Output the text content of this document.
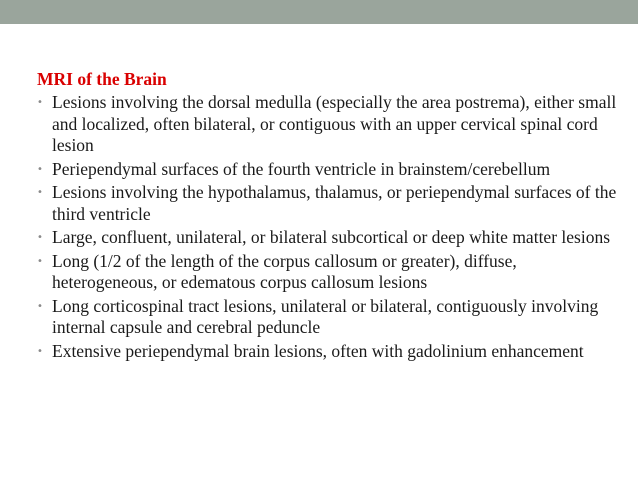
MRI of the Brain
• Lesions involving the dorsal medulla (especially the area postrema), either small and localized, often bilateral, or contiguous with an upper cervical spinal cord lesion
• Periependymal surfaces of the fourth ventricle in brainstem/cerebellum
• Lesions involving the hypothalamus, thalamus, or periependymal surfaces of the third ventricle
• Large, confluent, unilateral, or bilateral subcortical or deep white matter lesions
• Long (1/2 of the length of the corpus callosum or greater), diffuse, heterogeneous, or edematous corpus callosum lesions
• Long corticospinal tract lesions, unilateral or bilateral, contiguously involving internal capsule and cerebral peduncle
• Extensive periependymal brain lesions, often with gadolinium enhancement
